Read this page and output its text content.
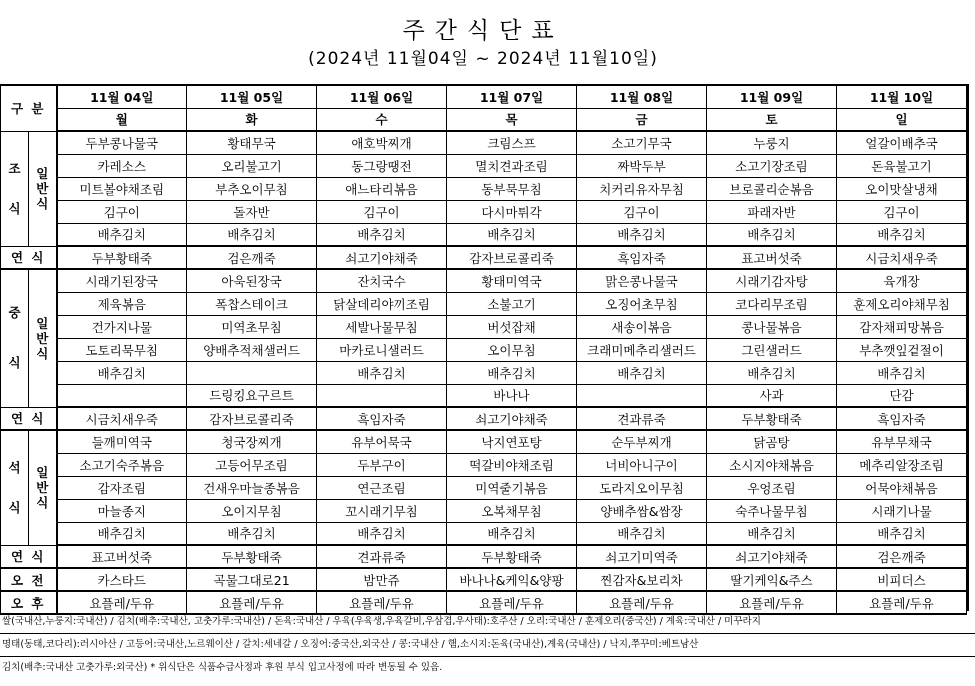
주간식단표
(2024년 11월04일 ~ 2024년 11월10일)
구 분		11월 04일	11월 05일	11월 06일	11월 07일	11월 08일	11월 09일	11월 10일
		월	화	수	목	금	토	일
조식	일반식	두부콩나물국	황태무국	애호박찌개	크림스프	소고기무국	누룽지	얼갈이배추국
		카레소스	오리불고기	동그랑땡전	멸치견과조림	짜박두부	소고기장조림	돈육불고기
		미트볼야채조림	부추오이무침	애느타리볶음	동부묵무침	치커리유자무침	브로콜리순볶음	오이맛살냉채
		김구이	돌자반	김구이	다시마튀각	김구이	파래자반	김구이
		배추김치	배추김치	배추김치	배추김치	배추김치	배추김치	배추김치
연 식		두부황태죽	검은깨죽	쇠고기야채죽	감자브로콜리죽	흑임자죽	표고버섯죽	시금치새우죽
중식	일반식	시래기된장국	아욱된장국	잔치국수	황태미역국	맑은콩나물국	시래기감자탕	육개장
		제육볶음	폭찹스테이크	닭살데리야끼조림	소불고기	오징어초무침	코다리무조림	훈제오리야채무침
		건가지나물	미역초무침	세발나물무침	버섯잡채	새송이볶음	콩나물볶음	감자채피망볶음
		도토리묵무침	양배추적채샐러드	마카로니샐러드	오이무침	크래미메추리샐러드	그린샐러드	부추깻잎겉절이
		배추김치		배추김치	배추김치	배추김치	배추김치	배추김치
			드링킹요구르트		바나나		사과	단감
연 식		시금치새우죽	감자브로콜리죽	흑임자죽	쇠고기야채죽	견과류죽	두부황태죽	흑임자죽
석식	일반식	들깨미역국	청국장찌개	유부어묵국	낙지연포탕	순두부찌개	닭곰탕	유부무채국
		소고기숙주볶음	고등어무조림	두부구이	떡갈비야채조림	너비아니구이	소시지야채볶음	메추리알장조림
		감자조림	건새우마늘종볶음	연근조림	미역줄기볶음	도라지오이무침	우엉조림	어묵야채볶음
		마늘종지	오이지무침	꼬시래기무침	오복채무침	양배추쌈&쌈장	숙주나물무침	시래기나물
		배추김치	배추김치	배추김치	배추김치	배추김치	배추김치	배추김치
연 식		표고버섯죽	두부황태죽	견과류죽	두부황태죽	쇠고기미역죽	쇠고기야채죽	검은깨죽
오 전		카스타드	곡물그대로21	밤만쥬	바나나&케익&양팡	찐감자&보리차	딸기케익&주스	비피더스
오 후		요플레/두유	요플레/두유	요플레/두유	요플레/두유	요플레/두유	요플레/두유	요플레/두유
쌀(국내산,누룽지:국내산) / 김치(배추:국내산, 고춧가루:국내산) / 돈육:국내산 / 우육(우육생,우육갈비,우삼겹,우사태):호주산 / 오리:국내산 / 훈제오리(중국산) / 계육:국내산 / 미꾸라지
명태(동태,코다리):러시아산 / 고등어:국내산,노르웨이산 / 갈치:세네갈 / 오징어:중국산,외국산 / 콩:국내산 / 햄,소시지:돈육(국내산),계육(국내산) / 낙지,쭈꾸미:베트남산
김치(배추:국내산 고춧가루:외국산) * 위식단은 식품수급사정과 후원 부식 입고사정에 따라 변동될 수 있음.
